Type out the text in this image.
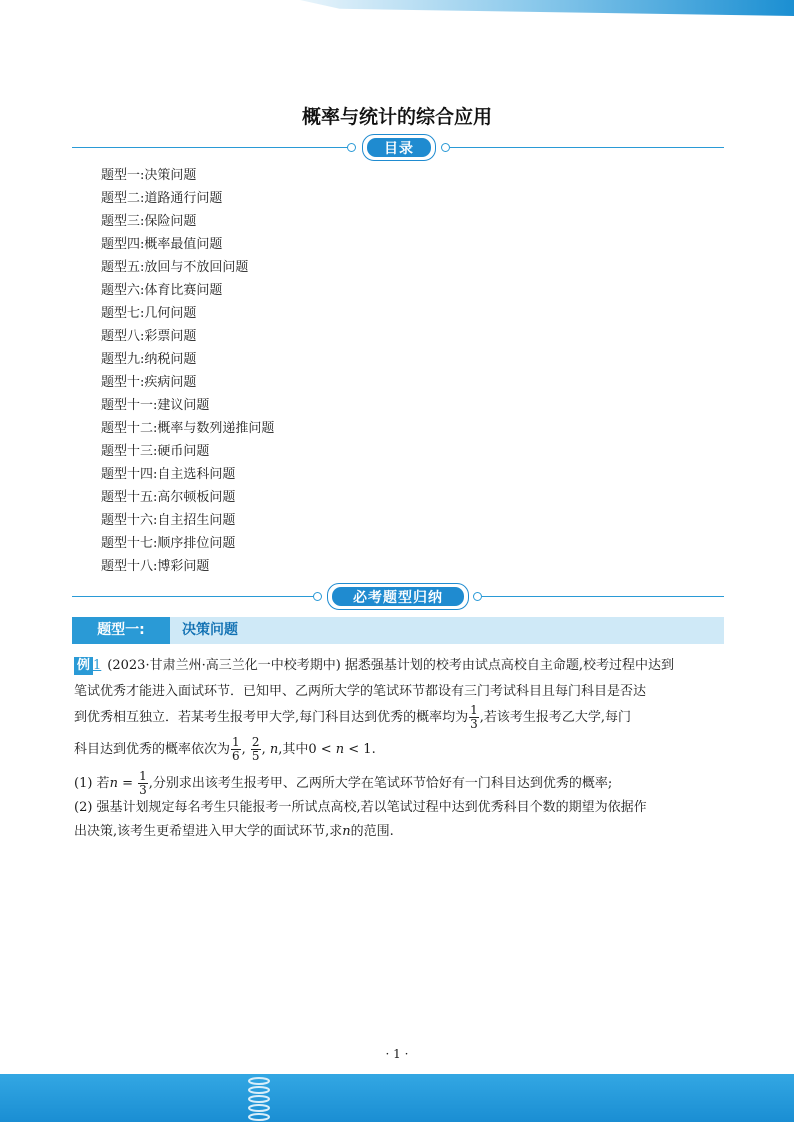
概率与统计的综合应用
目录
题型一:决策问题
题型二:道路通行问题
题型三:保险问题
题型四:概率最值问题
题型五:放回与不放回问题
题型六:体育比赛问题
题型七:几何问题
题型八:彩票问题
题型九:纳税问题
题型十:疾病问题
题型十一:建议问题
题型十二:概率与数列递推问题
题型十三:硬币问题
题型十四:自主选科问题
题型十五:高尔顿板问题
题型十六:自主招生问题
题型十七:顺序排位问题
题型十八:博彩问题
必考题型归纳
题型一:	决策问题
例 1 (2023·甘肃兰州·高三兰化一中校考期中) 据悉强基计划的校考由试点高校自主命题,校考过程中达到
笔试优秀才能进入面试环节．已知甲、乙两所大学的笔试环节都设有三门考试科目且每门科目是否达
到优秀相互独立．若某考生报考甲大学,每门科目达到优秀的概率均为 $\frac{1}{3}$ ,若该考生报考乙大学,每门
科目达到优秀的概率依次为 $\frac{1}{6}$ , $\frac{2}{5}$ , n,其中0 < n < 1.
(1) 若$n = \frac{1}{3}$ ,分别求出该考生报考甲、乙两所大学在笔试环节恰好有一门科目达到优秀的概率;
(2) 强基计划规定每名考生只能报考一所试点高校,若以笔试过程中达到优秀科目个数的期望为依据作
出决策,该考生更希望进入甲大学的面试环节,求n的范围.
· 1 ·
